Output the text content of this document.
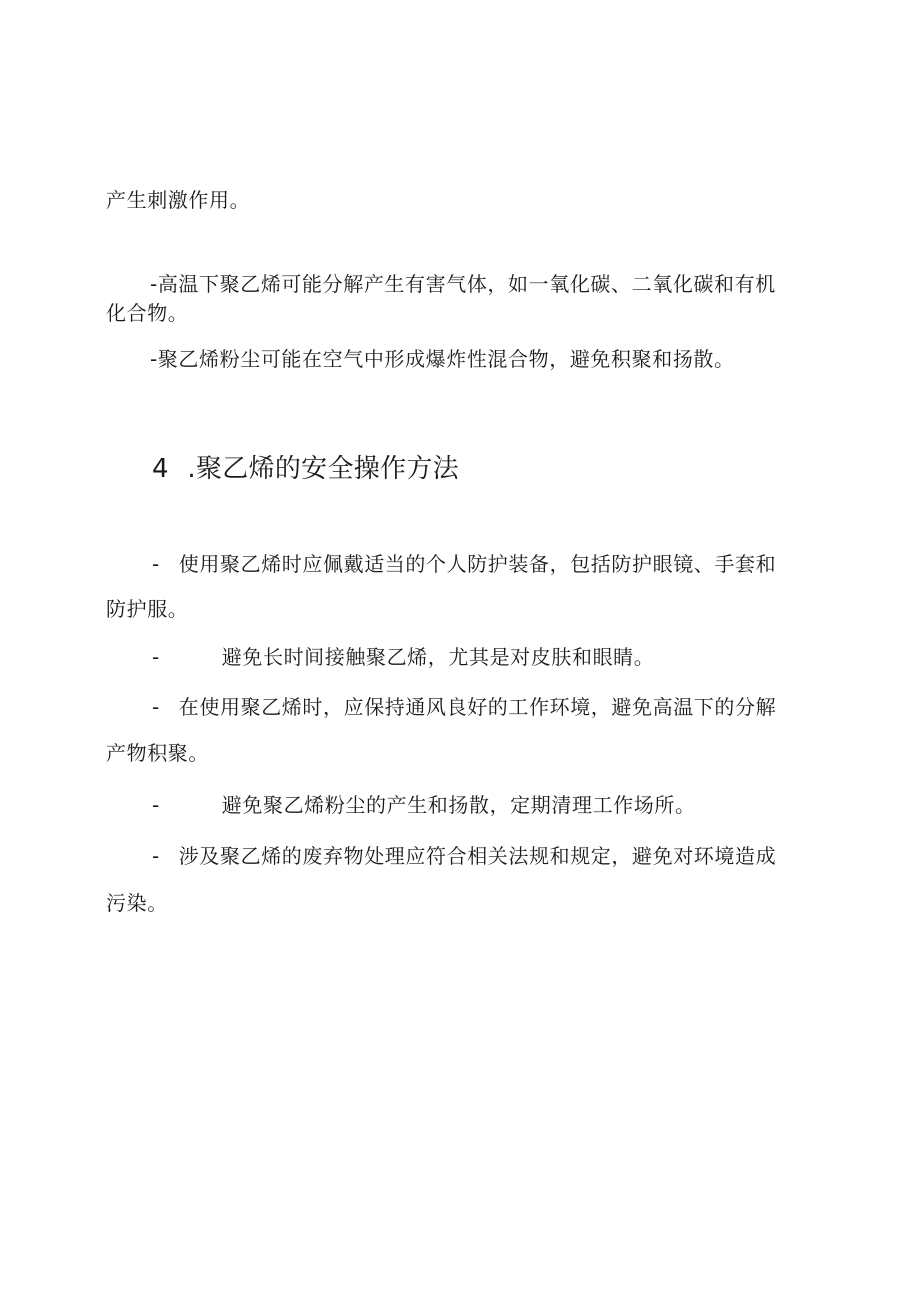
产生刺激作用。
-高温下聚乙烯可能分解产生有害气体，如一氧化碳、二氧化碳和有机
化合物。
-聚乙烯粉尘可能在空气中形成爆炸性混合物，避免积聚和扬散。
4 .聚乙烯的安全操作方法
- 使用聚乙烯时应佩戴适当的个人防护装备，包括防护眼镜、手套和
防护服。
-	避免长时间接触聚乙烯，尤其是对皮肤和眼睛。
- 在使用聚乙烯时，应保持通风良好的工作环境，避免高温下的分解
产物积聚。
-	避免聚乙烯粉尘的产生和扬散，定期清理工作场所。
- 涉及聚乙烯的废弃物处理应符合相关法规和规定，避免对环境造成
污染。
